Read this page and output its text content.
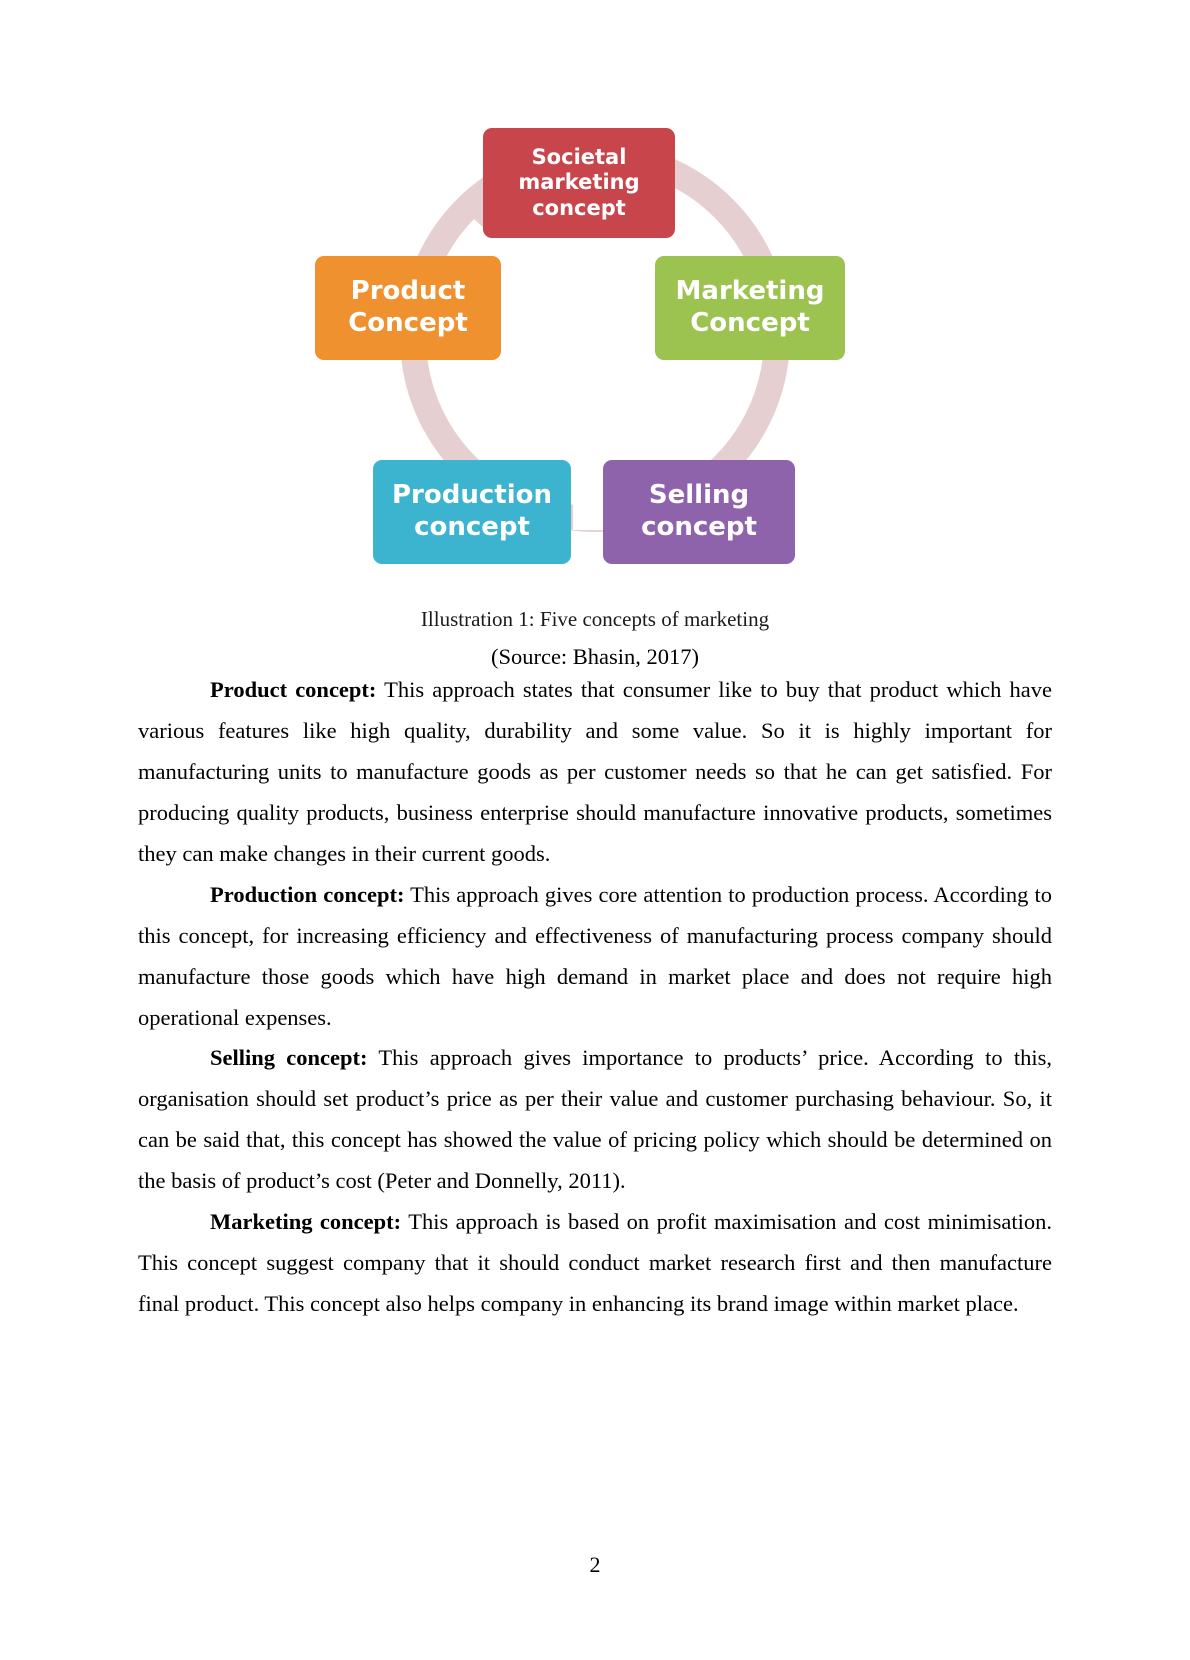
Societal marketing concept
Marketing Concept
Product Concept
Selling concept
Production concept
Illustration 1: Five concepts of marketing
(Source: Bhasin, 2017)

Product concept: This approach states that consumer like to buy that product which have various features like high quality, durability and some value. So it is highly important for manufacturing units to manufacture goods as per customer needs so that he can get satisfied. For producing quality products, business enterprise should manufacture innovative products, sometimes they can make changes in their current goods.

Production concept: This approach gives core attention to production process. According to this concept, for increasing efficiency and effectiveness of manufacturing process company should manufacture those goods which have high demand in market place and does not require high operational expenses.

Selling concept: This approach gives importance to products’ price. According to this, organisation should set product’s price as per their value and customer purchasing behaviour. So, it can be said that, this concept has showed the value of pricing policy which should be determined on the basis of product’s cost (Peter and Donnelly, 2011).

Marketing concept: This approach is based on profit maximisation and cost minimisation. This concept suggest company that it should conduct market research first and then manufacture final product. This concept also helps company in enhancing its brand image within market place.

2
